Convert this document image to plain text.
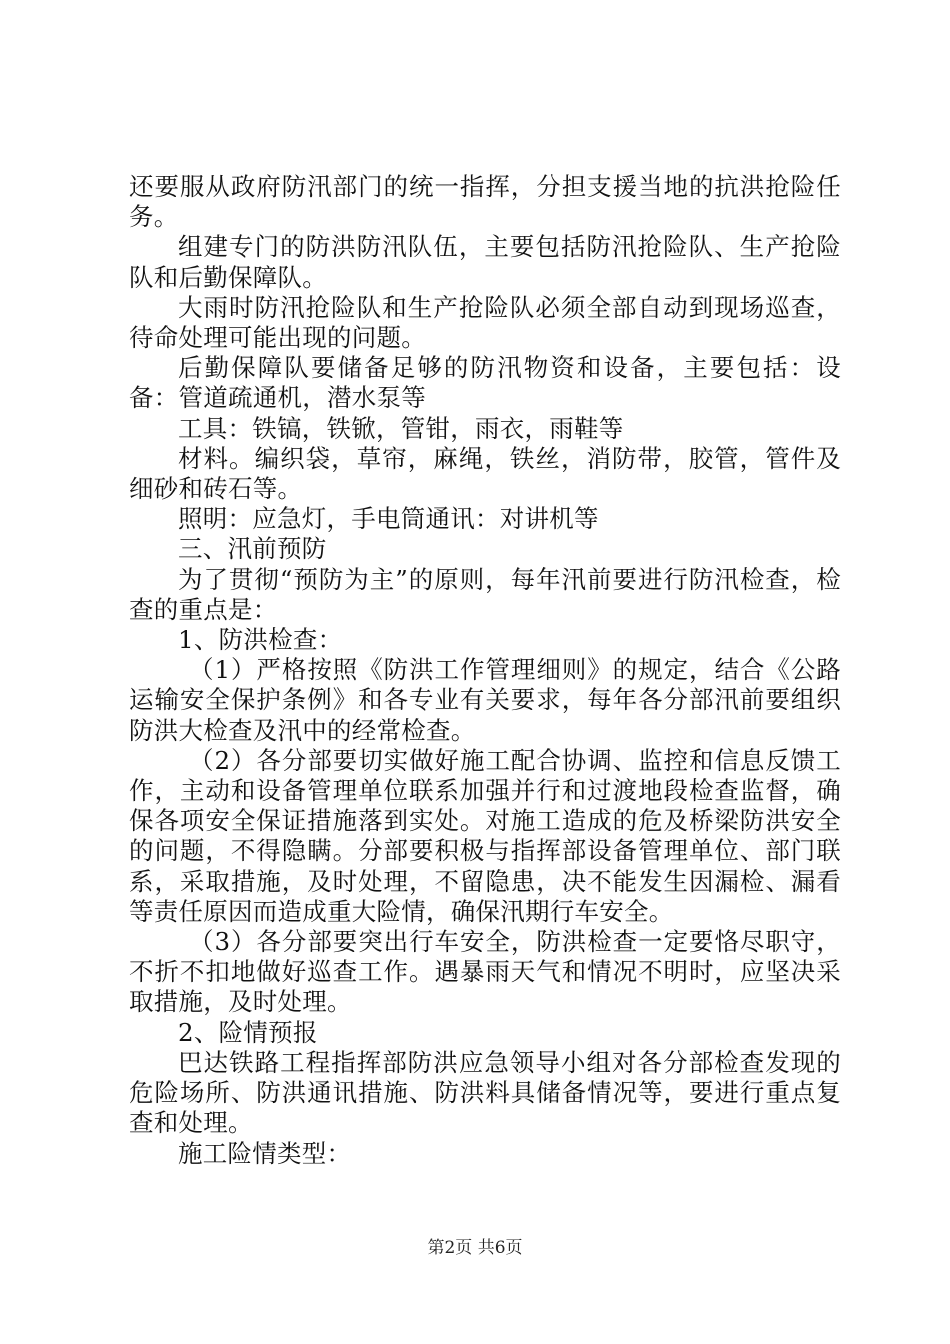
还要服从政府防汛部门的统一指挥，分担支援当地的抗洪抢险任务。

组建专门的防洪防汛队伍，主要包括防汛抢险队、生产抢险队和后勤保障队。

大雨时防汛抢险队和生产抢险队必须全部自动到现场巡查，待命处理可能出现的问题。

后勤保障队要储备足够的防汛物资和设备，主要包括：设备：管道疏通机，潜水泵等

工具：铁镐，铁锨，管钳，雨衣，雨鞋等

材料。编织袋，草帘，麻绳，铁丝，消防带，胶管，管件及细砂和砖石等。

照明：应急灯，手电筒通讯：对讲机等

三、汛前预防

为了贯彻“预防为主”的原则，每年汛前要进行防汛检查，检查的重点是：

1、防洪检查：

（1）严格按照《防洪工作管理细则》的规定，结合《公路运输安全保护条例》和各专业有关要求，每年各分部汛前要组织防洪大检查及汛中的经常检查。

（2）各分部要切实做好施工配合协调、监控和信息反馈工作，主动和设备管理单位联系加强并行和过渡地段检查监督，确保各项安全保证措施落到实处。对施工造成的危及桥梁防洪安全的问题，不得隐瞒。分部要积极与指挥部设备管理单位、部门联系，采取措施，及时处理，不留隐患，决不能发生因漏检、漏看等责任原因而造成重大险情，确保汛期行车安全。

（3）各分部要突出行车安全，防洪检查一定要恪尽职守，不折不扣地做好巡查工作。遇暴雨天气和情况不明时，应坚决采取措施，及时处理。

2、险情预报

巴达铁路工程指挥部防洪应急领导小组对各分部检查发现的危险场所、防洪通讯措施、防洪料具储备情况等，要进行重点复查和处理。

施工险情类型：

第2页 共6页
